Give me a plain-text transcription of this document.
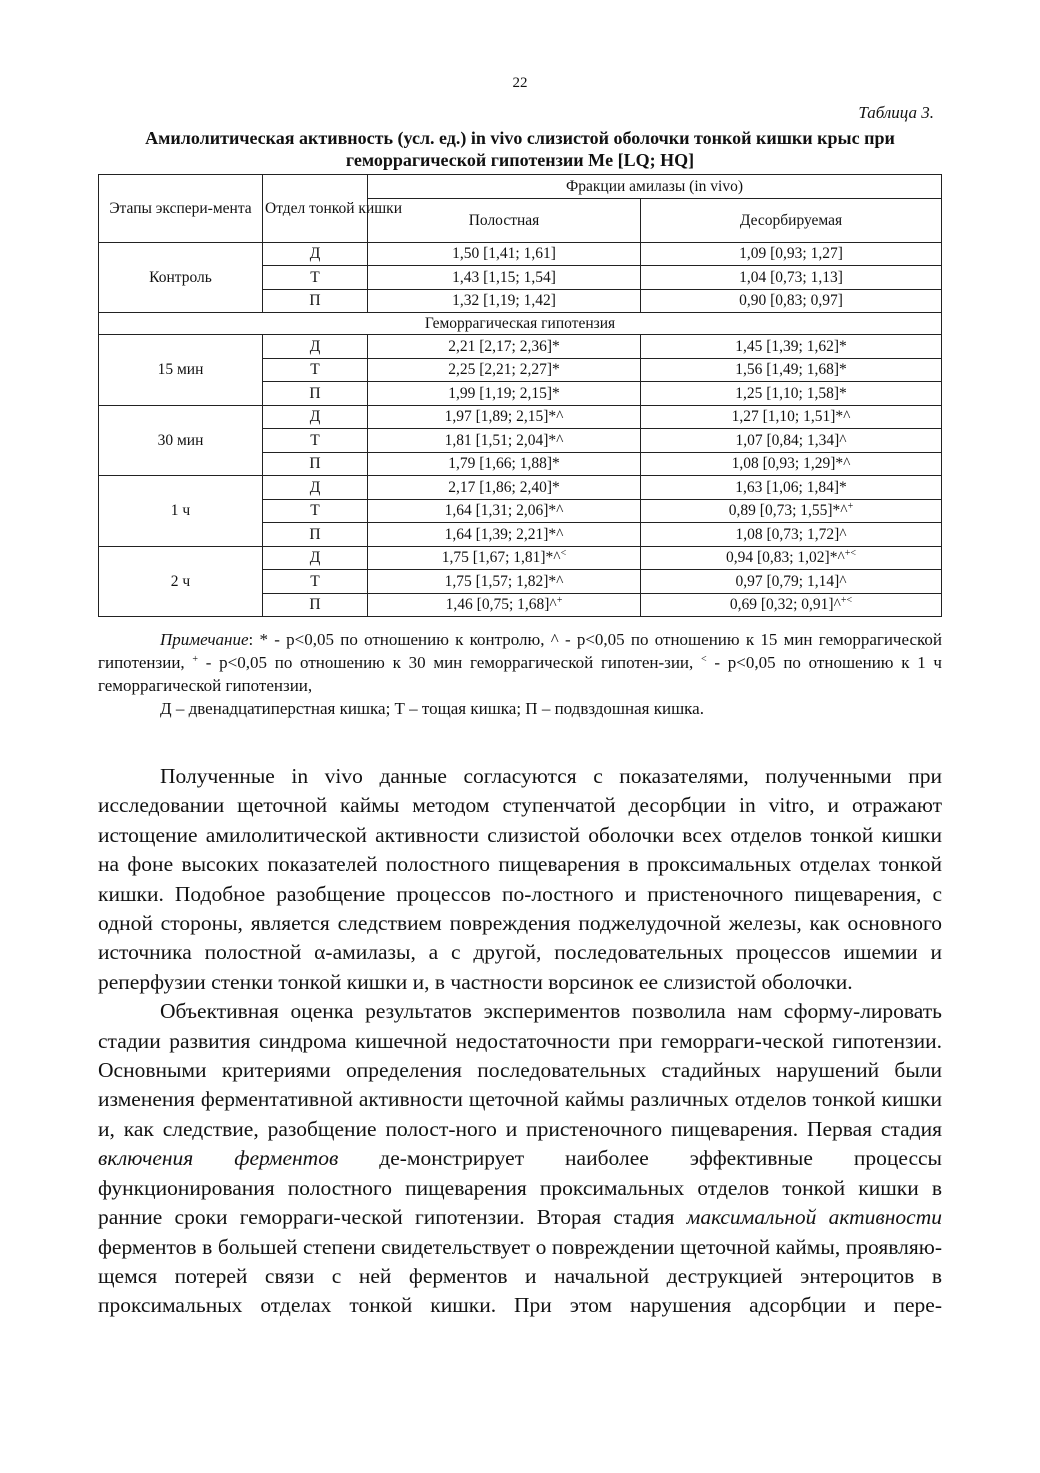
22
Таблица 3.
Амилолитическая активность (усл. ед.) in vivo слизистой оболочки тонкой кишки крыс при геморрагической гипотензии Me [LQ; HQ]
Этапы экспери-мента	Отдел тонкой кишки	Фракции амилазы (in vivo)	
		Полостная	Десорбируемая
Контроль	Д	1,50 [1,41; 1,61]	1,09 [0,93; 1,27]
	Т	1,43 [1,15; 1,54]	1,04 [0,73; 1,13]
	П	1,32 [1,19; 1,42]	0,90 [0,83; 0,97]
Геморрагическая гипотензия			
15 мин	Д	2,21 [2,17; 2,36]*	1,45 [1,39; 1,62]*
	Т	2,25 [2,21; 2,27]*	1,56 [1,49; 1,68]*
	П	1,99 [1,19; 2,15]*	1,25 [1,10; 1,58]*
30 мин	Д	1,97 [1,89; 2,15]*^	1,27 [1,10; 1,51]*^
	Т	1,81 [1,51; 2,04]*^	1,07 [0,84; 1,34]^
	П	1,79 [1,66; 1,88]*	1,08 [0,93; 1,29]*^
1 ч	Д	2,17 [1,86; 2,40]*	1,63 [1,06; 1,84]*
	Т	1,64 [1,31; 2,06]*^	0,89 [0,73; 1,55]*^+
	П	1,64 [1,39; 2,21]*^	1,08 [0,73; 1,72]^
2 ч	Д	1,75 [1,67; 1,81]*^<	0,94 [0,83; 1,02]*^+<
	Т	1,75 [1,57; 1,82]*^	0,97 [0,79; 1,14]^
	П	1,46 [0,75; 1,68]^+	0,69 [0,32; 0,91]^+<

Примечание: * - p<0,05 по отношению к контролю, ^ - p<0,05 по отношению к 15 мин геморрагической гипотензии, + - p<0,05 по отношению к 30 мин геморрагической гипотен-зии, < - p<0,05 по отношению к 1 ч геморрагической гипотензии,

Д – двенадцатиперстная кишка; Т – тощая кишка; П – подвздошная кишка.

Полученные in vivo данные согласуются с показателями, полученными при исследовании щеточной каймы методом ступенчатой десорбции in vitro, и отражают истощение амилолитической активности слизистой оболочки всех отделов тонкой кишки на фоне высоких показателей полостного пищеварения в проксимальных отделах тонкой кишки. Подобное разобщение процессов по-лостного и пристеночного пищеварения, с одной стороны, является следствием повреждения поджелудочной железы, как основного источника полостной α-амилазы, а с другой, последовательных процессов ишемии и реперфузии стенки тонкой кишки и, в частности ворсинок ее слизистой оболочки.

Объективная оценка результатов экспериментов позволила нам сформу-лировать стадии развития синдрома кишечной недостаточности при геморраги-ческой гипотензии. Основными критериями определения последовательных стадийных нарушений были изменения ферментативной активности щеточной каймы различных отделов тонкой кишки и, как следствие, разобщение полост-ного и пристеночного пищеварения. Первая стадия включения ферментов де-монстрирует наиболее эффективные процессы функционирования полостного пищеварения проксимальных отделов тонкой кишки в ранние сроки геморраги-ческой гипотензии. Вторая стадия максимальной активности ферментов в большей степени свидетельствует о повреждении щеточной каймы, проявляю-щемся потерей связи с ней ферментов и начальной деструкцией энтероцитов в проксимальных отделах тонкой кишки. При этом нарушения адсорбции и пере-
